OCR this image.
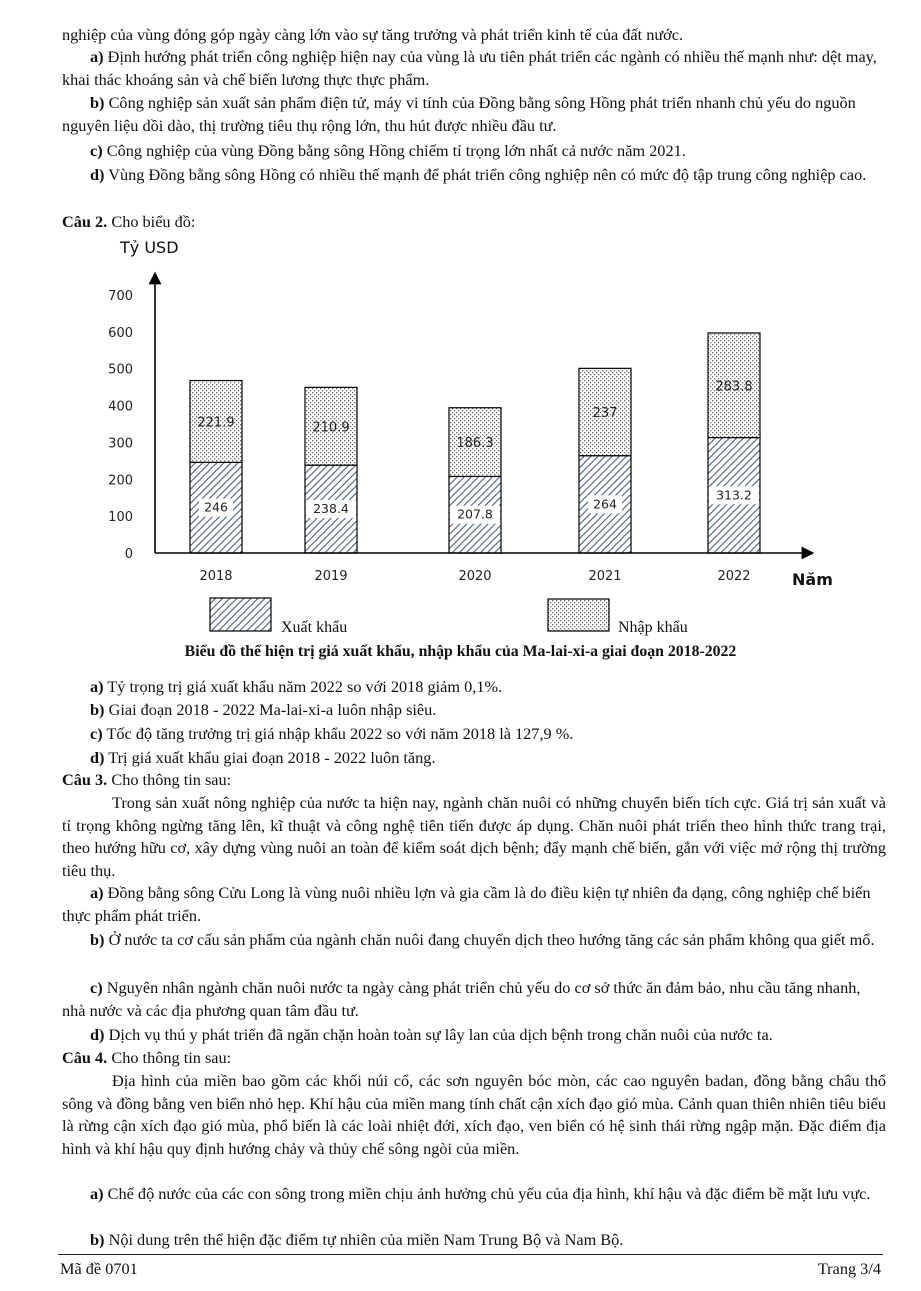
nghiệp của vùng đóng góp ngày càng lớn vào sự tăng trưởng và phát triển kinh tế của đất nước.

a) Định hướng phát triển công nghiệp hiện nay của vùng là ưu tiên phát triển các ngành có nhiều thế mạnh như: dệt may, khai thác khoáng sản và chế biến lương thực thực phẩm.

b) Công nghiệp sản xuất sản phẩm điện tử, máy vi tính của Đồng bằng sông Hồng phát triển nhanh chủ yếu do nguồn nguyên liệu dồi dào, thị trường tiêu thụ rộng lớn, thu hút được nhiều đầu tư.

c) Công nghiệp của vùng Đồng bằng sông Hồng chiếm tỉ trọng lớn nhất cả nước năm 2021.

d) Vùng Đồng bằng sông Hồng có nhiều thế mạnh để phát triển công nghiệp nên có mức độ tập trung công nghiệp cao.

Câu 2. Cho biểu đồ:

Tỷ USD
Năm
0
100
200
300
400
500
600
700
2018	2019	2020	2021	2022
246
221.9
238.4
210.9
207.8
186.3
264
237
313.2
283.8
Xuất khẩu	Nhập khẩu
Biểu đồ thể hiện trị giá xuất khẩu, nhập khẩu của Ma-lai-xi-a giai đoạn 2018-2022

a) Tỷ trọng trị giá xuất khẩu năm 2022 so với 2018 giảm 0,1%.

b) Giai đoạn 2018 - 2022 Ma-lai-xi-a luôn nhập siêu.

c) Tốc độ tăng trưởng trị giá nhập khẩu 2022 so với năm 2018 là 127,9 %.

d) Trị giá xuất khẩu giai đoạn 2018 - 2022 luôn tăng.

Câu 3. Cho thông tin sau:

Trong sản xuất nông nghiệp của nước ta hiện nay, ngành chăn nuôi có những chuyển biến tích cực. Giá trị sản xuất và tỉ trọng không ngừng tăng lên, kĩ thuật và công nghệ tiên tiến được áp dụng. Chăn nuôi phát triển theo hình thức trang trại, theo hướng hữu cơ, xây dựng vùng nuôi an toàn để kiểm soát dịch bệnh; đẩy mạnh chế biến, gắn với việc mở rộng thị trường tiêu thụ.

a) Đồng bằng sông Cửu Long là vùng nuôi nhiều lợn và gia cầm là do điều kiện tự nhiên đa dạng, công nghiệp chế biến thực phẩm phát triển.

b) Ở nước ta cơ cấu sản phẩm của ngành chăn nuôi đang chuyển dịch theo hướng tăng các sản phẩm không qua giết mổ.

c) Nguyên nhân ngành chăn nuôi nước ta ngày càng phát triển chủ yếu do cơ sở thức ăn đảm bảo, nhu cầu tăng nhanh, nhà nước và các địa phương quan tâm đầu tư.

d) Dịch vụ thú y phát triển đã ngăn chặn hoàn toàn sự lây lan của dịch bệnh trong chăn nuôi của nước ta.

Câu 4. Cho thông tin sau:

Địa hình của miền bao gồm các khối núi cổ, các sơn nguyên bóc mòn, các cao nguyên badan, đồng bằng châu thổ sông và đồng bằng ven biển nhỏ hẹp. Khí hậu của miền mang tính chất cận xích đạo gió mùa. Cảnh quan thiên nhiên tiêu biểu là rừng cận xích đạo gió mùa, phổ biến là các loài nhiệt đới, xích đạo, ven biển có hệ sinh thái rừng ngập mặn. Đặc điểm địa hình và khí hậu quy định hướng chảy và thủy chế sông ngòi của miền.

a) Chế độ nước của các con sông trong miền chịu ảnh hưởng chủ yếu của địa hình, khí hậu và đặc điểm bề mặt lưu vực.

b) Nội dung trên thể hiện đặc điểm tự nhiên của miền Nam Trung Bộ và Nam Bộ.

Mã đề 0701	Trang 3/4
